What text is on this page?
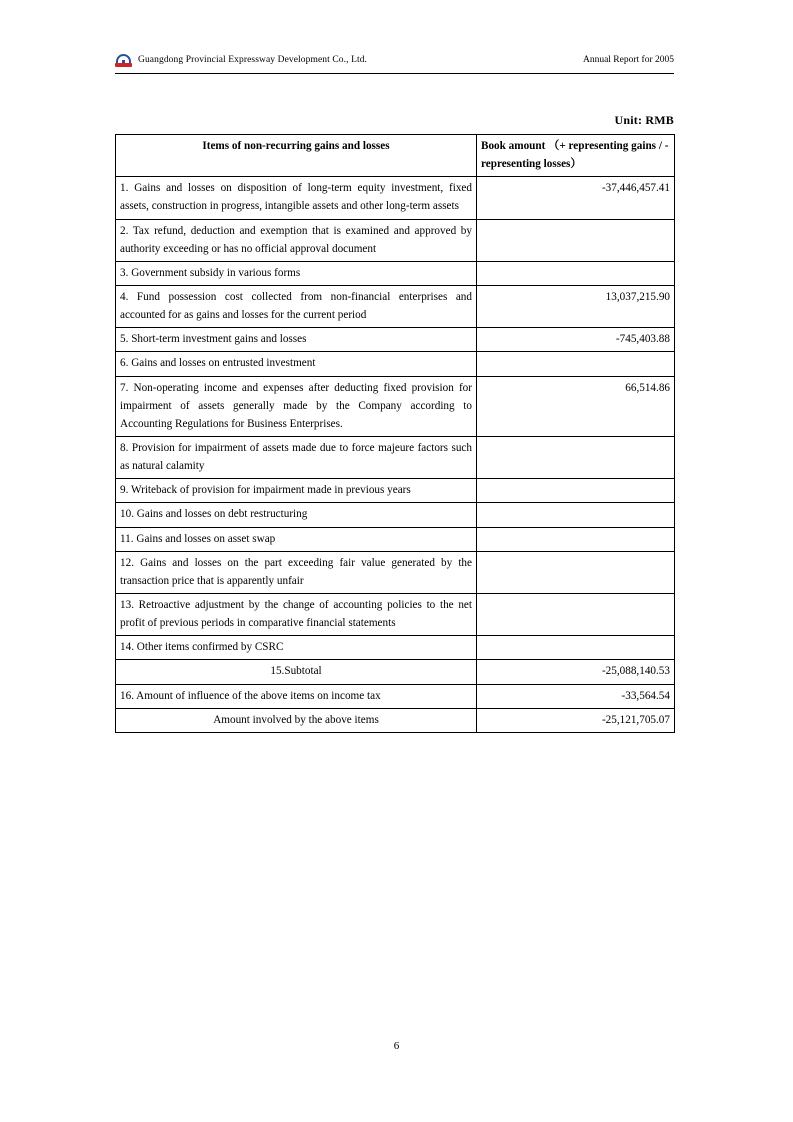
Guangdong Provincial Expressway Development Co., Ltd.	Annual Report for 2005
Unit: RMB
Items of non-recurring gains and losses	Book amount （+ representing gains / - representing losses）
1. Gains and losses on disposition of long-term equity investment, fixed assets, construction in progress, intangible assets and other long-term assets	-37,446,457.41
2. Tax refund, deduction and exemption that is examined and approved by authority exceeding or has no official approval document	
3. Government subsidy in various forms	
4. Fund possession cost collected from non-financial enterprises and accounted for as gains and losses for the current period	13,037,215.90
5. Short-term investment gains and losses	-745,403.88
6. Gains and losses on entrusted investment	
7. Non-operating income and expenses after deducting fixed provision for impairment of assets generally made by the Company according to Accounting Regulations for Business Enterprises.	66,514.86
8. Provision for impairment of assets made due to force majeure factors such as natural calamity	
9. Writeback of provision for impairment made in previous years	
10. Gains and losses on debt restructuring	
11. Gains and losses on asset swap	
12. Gains and losses on the part exceeding fair value generated by the transaction price that is apparently unfair	
13. Retroactive adjustment by the change of accounting policies to the net profit of previous periods in comparative financial statements	
14. Other items confirmed by CSRC	
15.Subtotal	-25,088,140.53
16. Amount of influence of the above items on income tax	-33,564.54
Amount involved by the above items	-25,121,705.07
6
